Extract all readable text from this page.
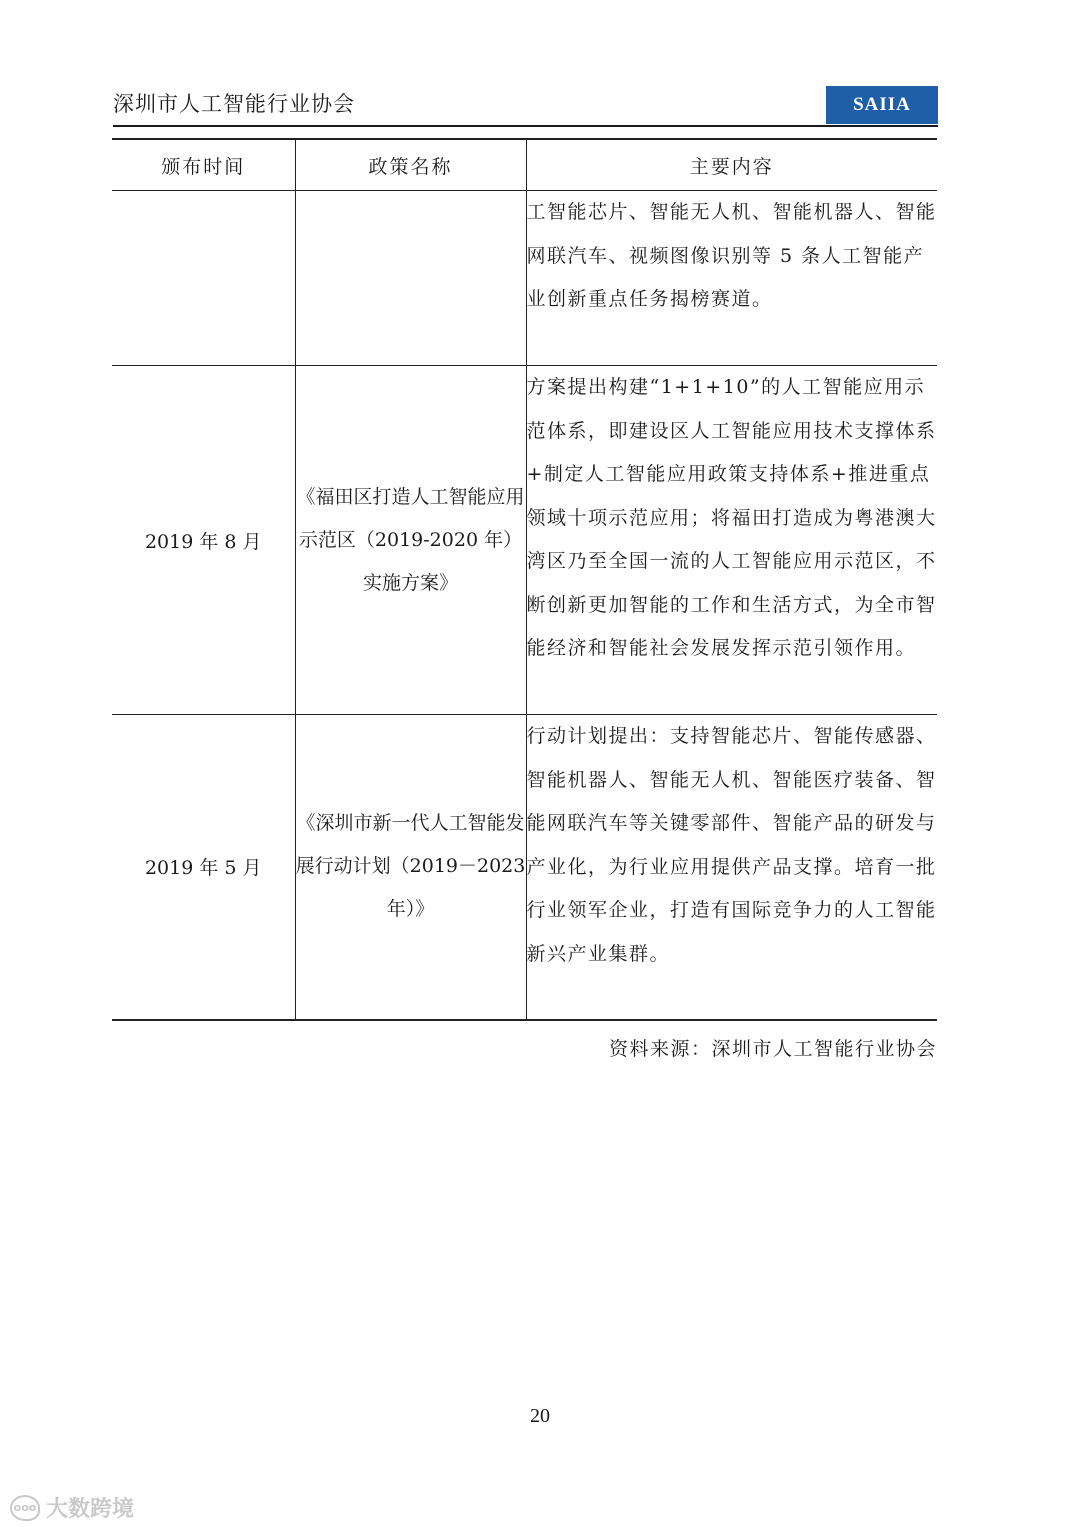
深圳市人工智能行业协会	SAIIA
颁布时间	政策名称	主要内容
		工智能芯片、智能无人机、智能机器人、智能网联汽车、视频图像识别等 5 条人工智能产业创新重点任务揭榜赛道。
2019 年 8 月	《福田区打造人工智能应用示范区（2019-2020 年）实施方案》	方案提出构建“1+1+10”的人工智能应用示范体系，即建设区人工智能应用技术支撑体系+制定人工智能应用政策支持体系+推进重点领域十项示范应用；将福田打造成为粤港澳大湾区乃至全国一流的人工智能应用示范区，不断创新更加智能的工作和生活方式，为全市智能经济和智能社会发展发挥示范引领作用。
2019 年 5 月	《深圳市新一代人工智能发展行动计划（2019－2023 年）》	行动计划提出：支持智能芯片、智能传感器、智能机器人、智能无人机、智能医疗装备、智能网联汽车等关键零部件、智能产品的研发与产业化，为行业应用提供产品支撑。培育一批行业领军企业，打造有国际竞争力的人工智能新兴产业集群。
资料来源：深圳市人工智能行业协会
20
ooo 大数跨境
